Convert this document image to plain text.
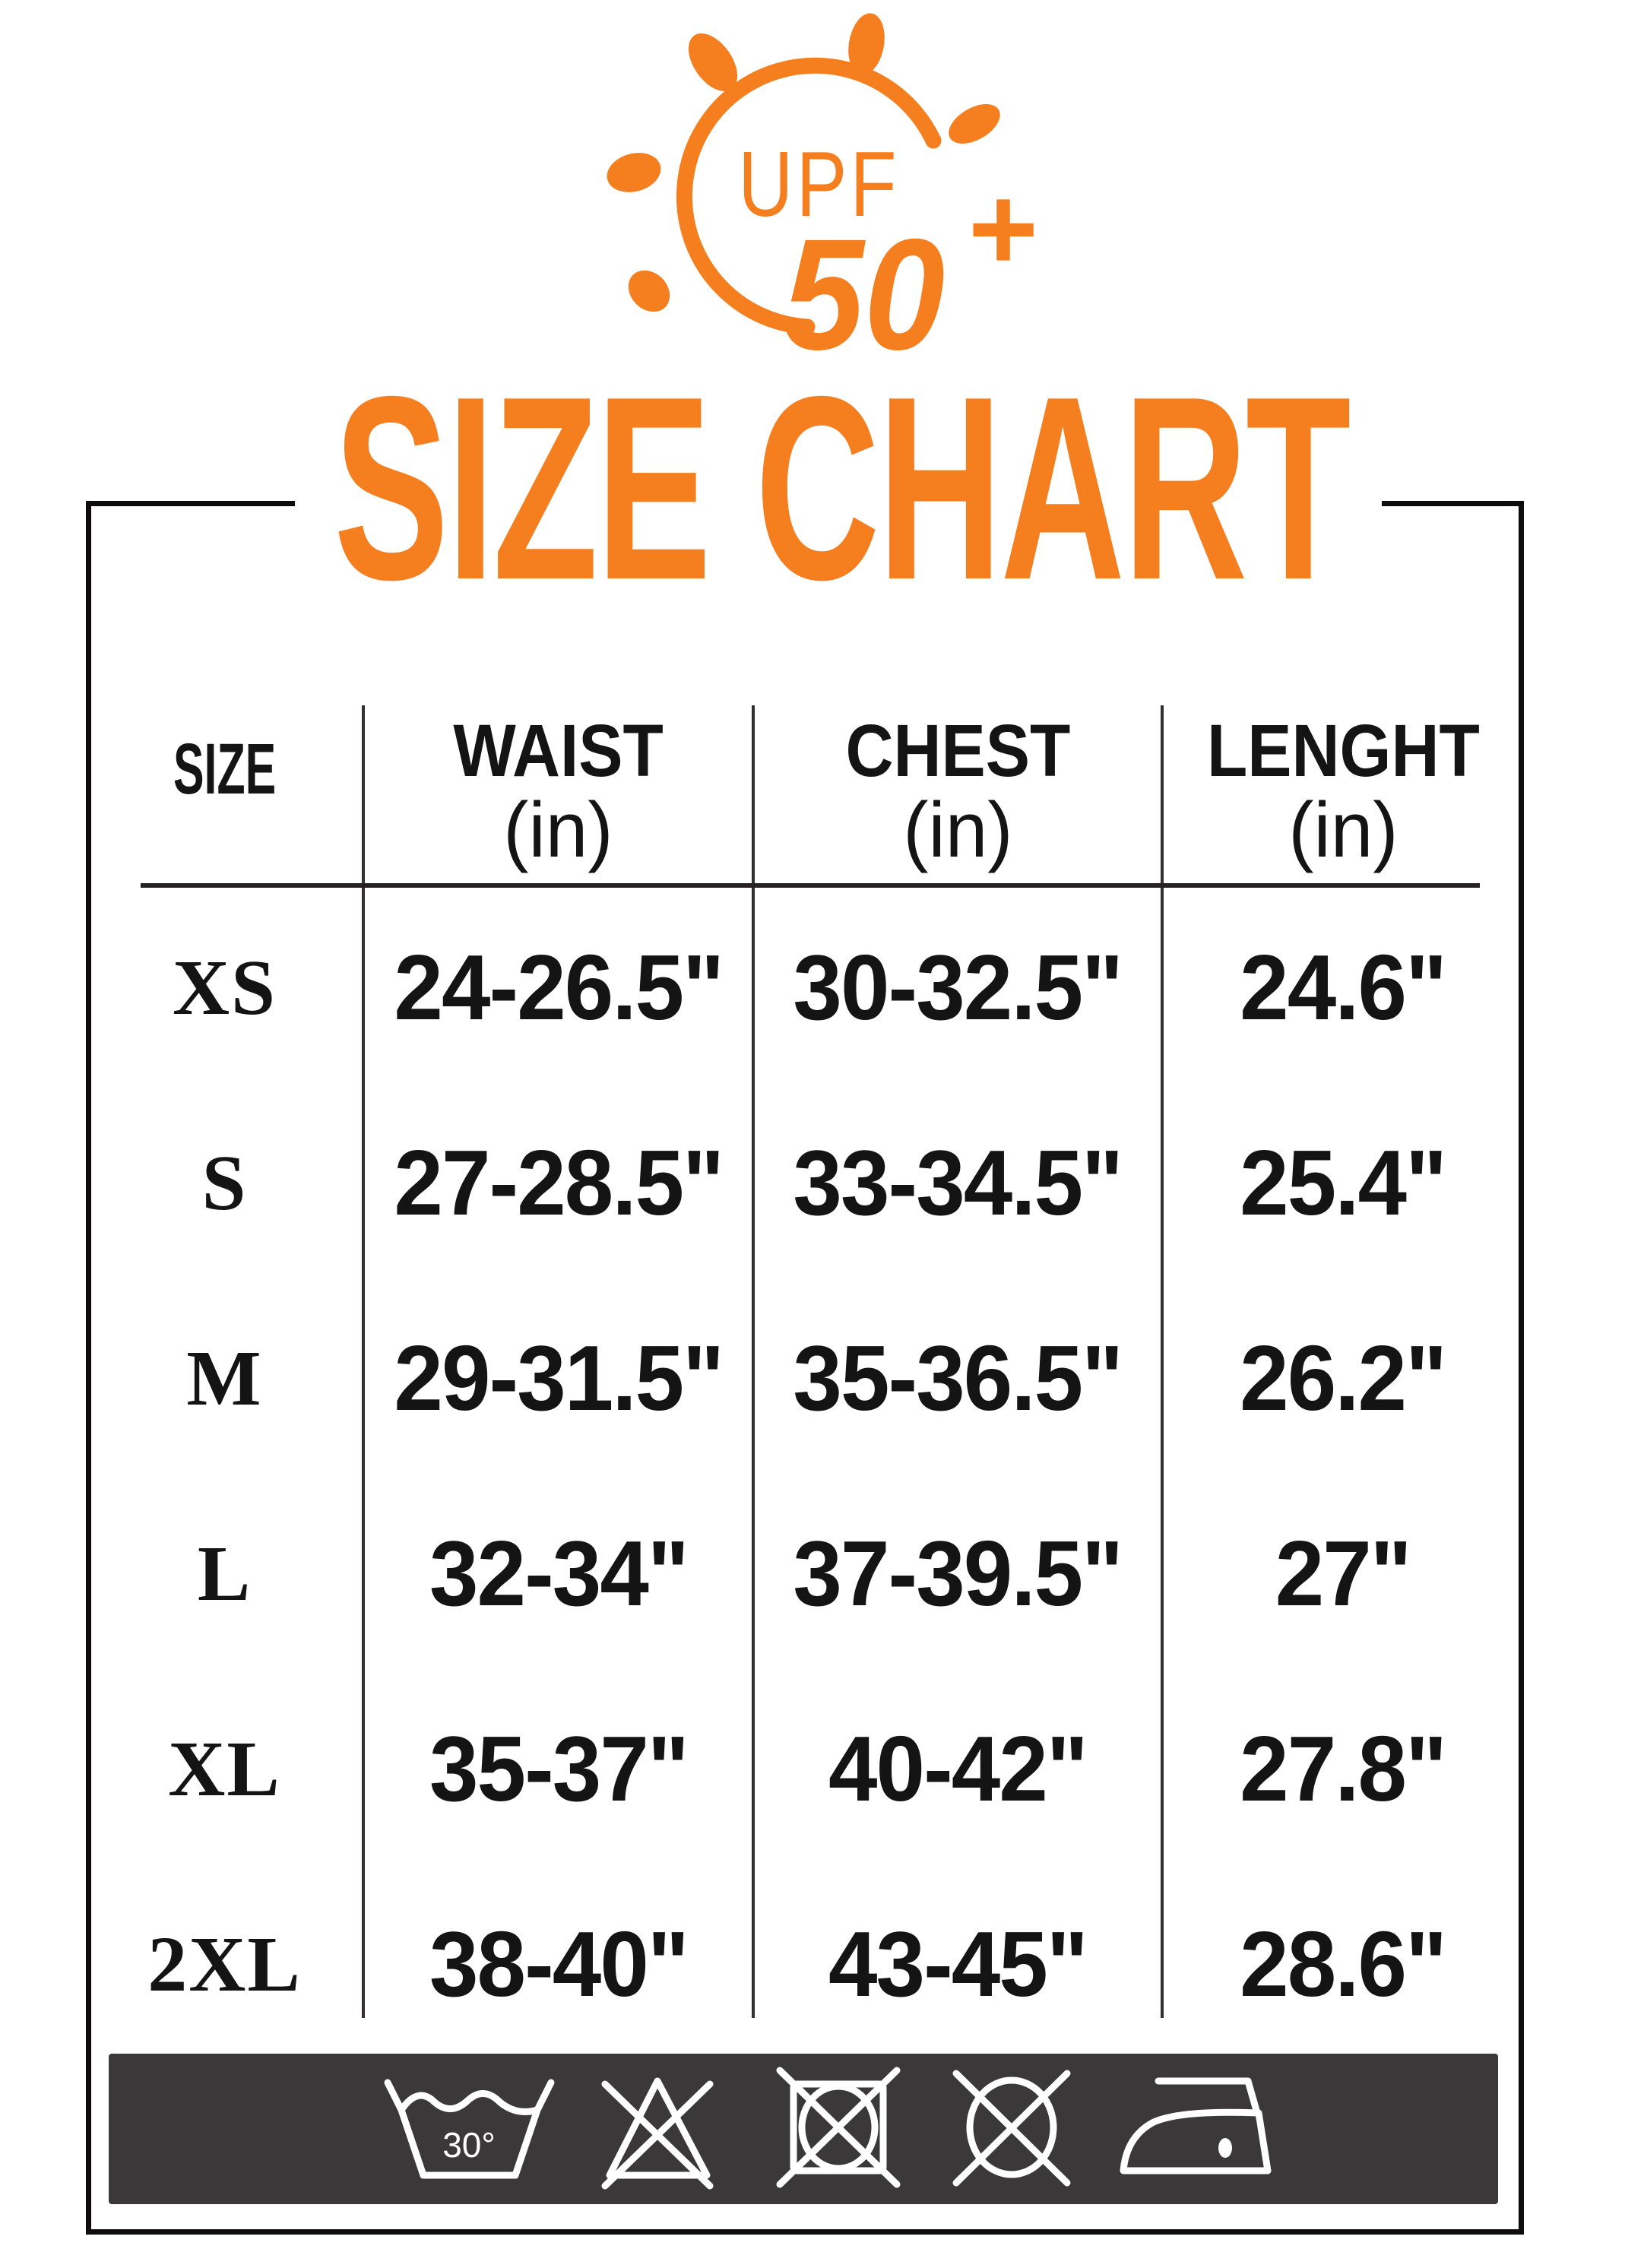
UPF
50 +
SIZE CHART
SIZE WAIST
(in)
CHEST
(in)
LENGHT
(in)
XS 24-26.5" 30-32.5" 24.6"
S 27-28.5" 33-34.5" 25.4"
M 29-31.5" 35-36.5" 26.2"
L 32-34" 37-39.5" 27"
XL 35-37" 40-42" 27.8"
2XL 38-40" 43-45" 28.6"
30°
